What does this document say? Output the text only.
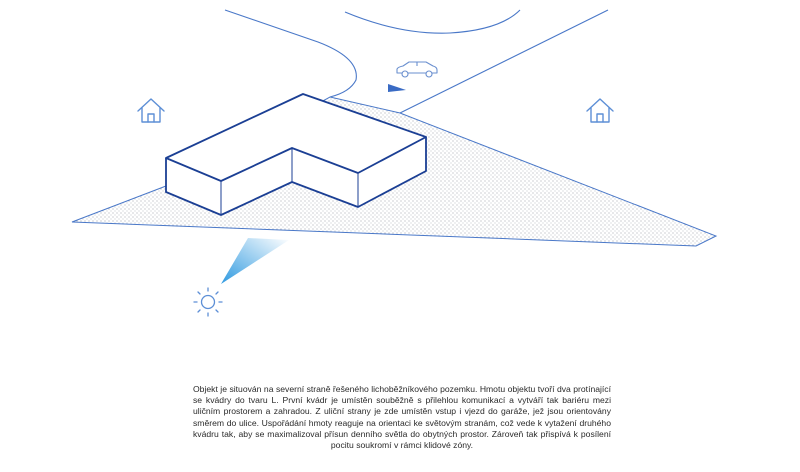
Objekt je situován na severní straně řešeného lichoběžníkového pozemku. Hmotu objektu tvoří dva protínající se kvádry do tvaru L. První kvádr je umístěn souběžně s přilehlou komunikací a vytváří tak bariéru mezi uličním prostorem a zahradou. Z uliční strany je zde umístěn vstup i vjezd do garáže, jež jsou orientovány směrem do ulice. Uspořádání hmoty reaguje na orientaci ke světovým stranám, což vede k vytažení druhého kvádru tak, aby se maximalizoval přísun denního světla do obytných prostor. Zároveň tak přispívá k posílení pocitu soukromí v rámci klidové zóny.
